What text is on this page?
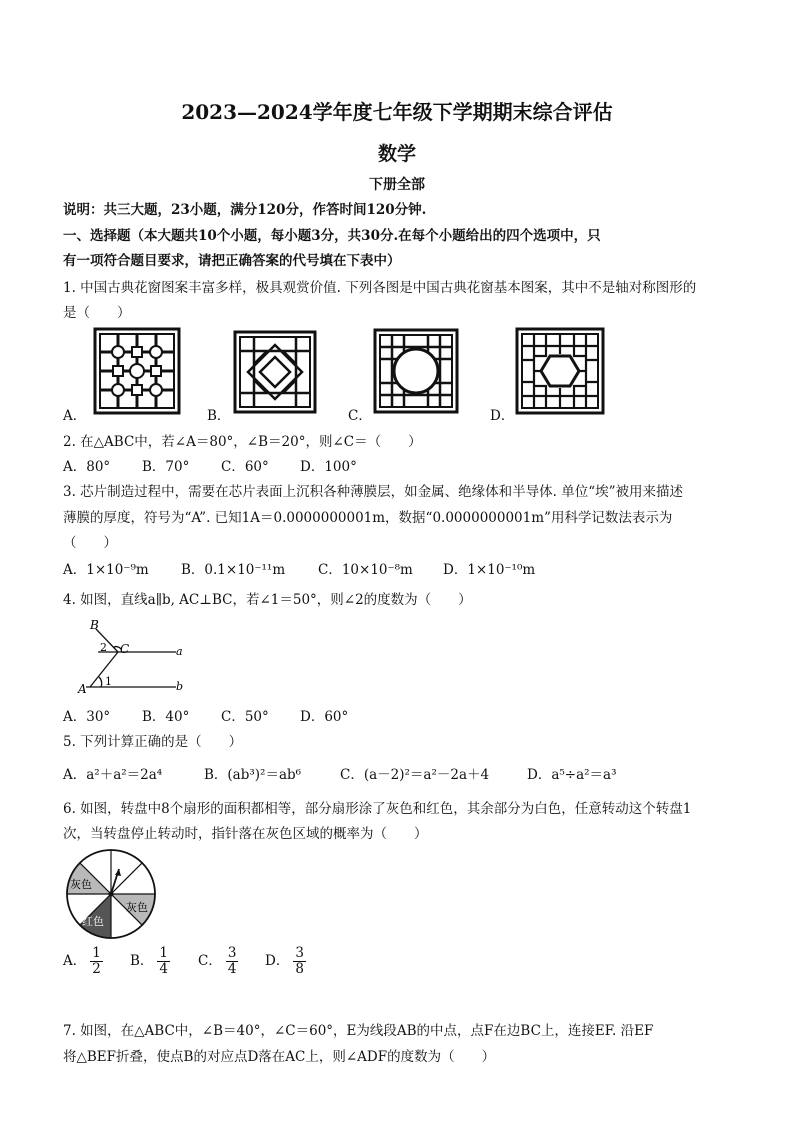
2023—2024学年度七年级下学期期末综合评估
数学
下册全部
说明：共三大题，23小题，满分120分，作答时间120分钟.
一、选择题（本大题共10个小题，每小题3分，共30分.在每个小题给出的四个选项中，只
有一项符合题目要求，请把正确答案的代号填在下表中）
1. 中国古典花窗图案丰富多样，极具观赏价值. 下列各图是中国古典花窗基本图案，其中不是轴对称图形的
是（　　）
A．	B．	C．	D．
2. 在△ABC中，若∠A＝80°，∠B＝20°，则∠C＝（　　）
A．80° B．70° C．60° D．100°
3. 芯片制造过程中，需要在芯片表面上沉积各种薄膜层，如金属、绝缘体和半导体. 单位“埃”被用来描述
薄膜的厚度，符号为“A”. 已知1A＝0.0000000001m，数据“0.0000000001m”用科学记数法表示为
（　　）
A．1×10⁻⁹m B．0.1×10⁻¹¹m C．10×10⁻⁸m D．1×10⁻¹⁰m
4. 如图，直线a∥b, AC⊥BC，若∠1＝50°，则∠2的度数为（　　）
B
C
A
a
b
2
1
A．30° B．40° C．50° D．60°
5. 下列计算正确的是（　　）
A．a²＋a²＝2a⁴	B．(ab³)²＝ab⁶	C．(a－2)²＝a²－2a＋4	D．a⁵÷a²＝a³
6. 如图，转盘中8个扇形的面积都相等，部分扇形涂了灰色和红色，其余部分为白色，任意转动这个转盘1
次，当转盘停止转动时，指针落在灰色区域的概率为（　　）
灰色
灰色
红色
A． $\frac{1}{2}$ B． $\frac{1}{4}$ C． $\frac{3}{4}$ D． $\frac{3}{8}$
7. 如图，在△ABC中，∠B＝40°，∠C＝60°，E为线段AB的中点，点F在边BC上，连接EF. 沿EF
将△BEF折叠，使点B的对应点D落在AC上，则∠ADF的度数为（　　）
